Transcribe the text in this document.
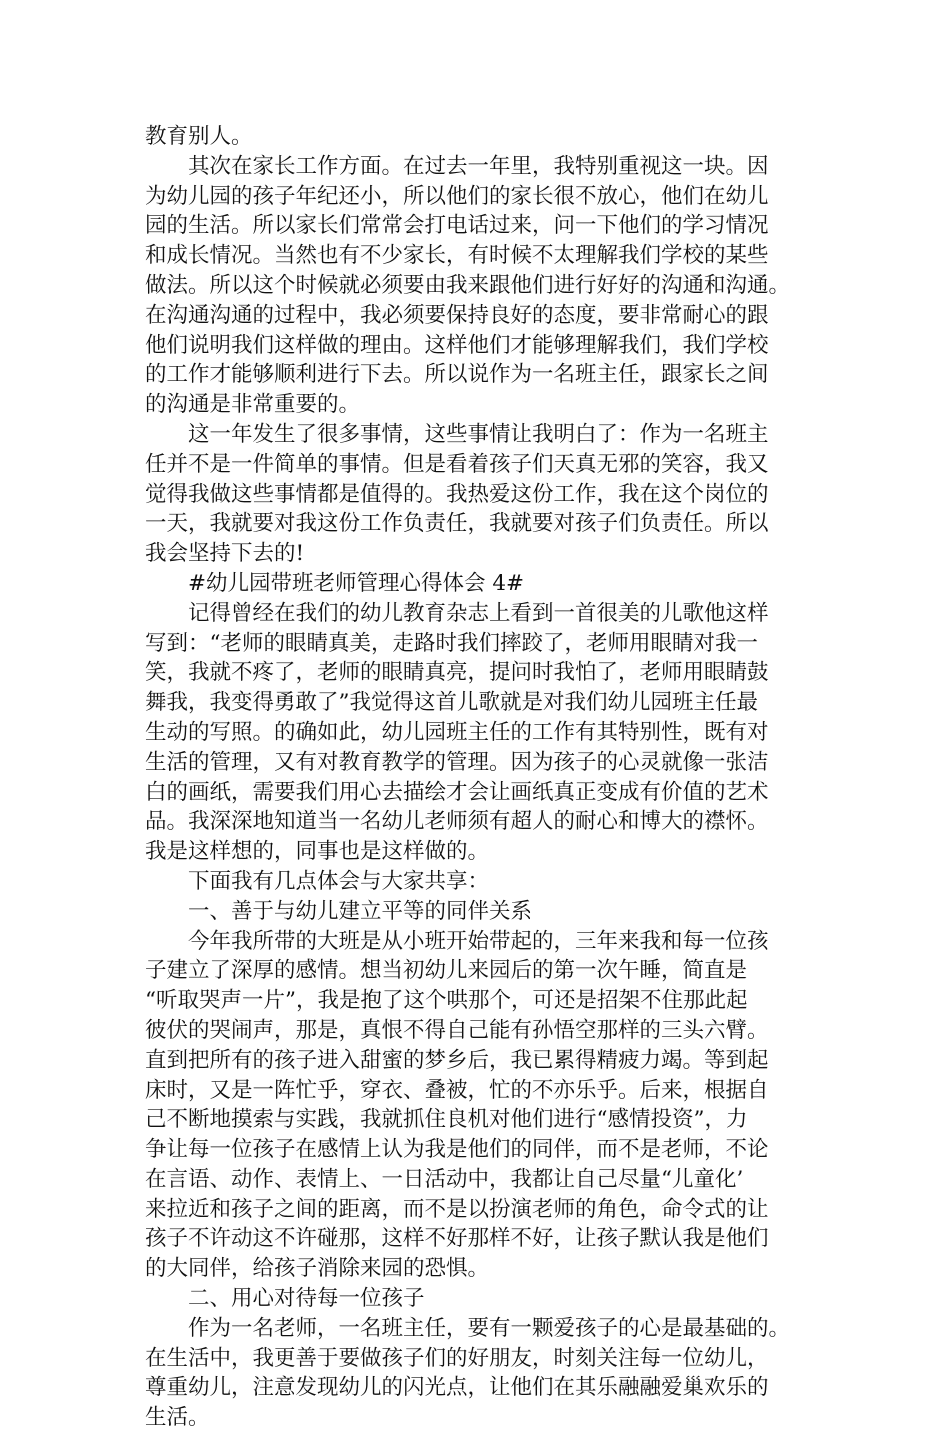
教育别人。
其次在家长工作方面。在过去一年里，我特别重视这一块。因
为幼儿园的孩子年纪还小，所以他们的家长很不放心，他们在幼儿
园的生活。所以家长们常常会打电话过来，问一下他们的学习情况
和成长情况。当然也有不少家长，有时候不太理解我们学校的某些
做法。所以这个时候就必须要由我来跟他们进行好好的沟通和沟通。
在沟通沟通的过程中，我必须要保持良好的态度，要非常耐心的跟
他们说明我们这样做的理由。这样他们才能够理解我们，我们学校
的工作才能够顺利进行下去。所以说作为一名班主任，跟家长之间
的沟通是非常重要的。
这一年发生了很多事情，这些事情让我明白了：作为一名班主
任并不是一件简单的事情。但是看着孩子们天真无邪的笑容，我又
觉得我做这些事情都是值得的。我热爱这份工作，我在这个岗位的
一天，我就要对我这份工作负责任，我就要对孩子们负责任。所以
我会坚持下去的!
#幼儿园带班老师管理心得体会 4#
记得曾经在我们的幼儿教育杂志上看到一首很美的儿歌他这样
写到：“老师的眼睛真美，走路时我们摔跤了，老师用眼睛对我一
笑，我就不疼了，老师的眼睛真亮，提问时我怕了，老师用眼睛鼓
舞我，我变得勇敢了”我觉得这首儿歌就是对我们幼儿园班主任最
生动的写照。的确如此，幼儿园班主任的工作有其特别性，既有对
生活的管理，又有对教育教学的管理。因为孩子的心灵就像一张洁
白的画纸，需要我们用心去描绘才会让画纸真正变成有价值的艺术
品。我深深地知道当一名幼儿老师须有超人的耐心和博大的襟怀。
我是这样想的，同事也是这样做的。
下面我有几点体会与大家共享：
一、善于与幼儿建立平等的同伴关系
今年我所带的大班是从小班开始带起的，三年来我和每一位孩
子建立了深厚的感情。想当初幼儿来园后的第一次午睡，简直是
“听取哭声一片”，我是抱了这个哄那个，可还是招架不住那此起
彼伏的哭闹声，那是，真恨不得自己能有孙悟空那样的三头六臂。
直到把所有的孩子进入甜蜜的梦乡后，我已累得精疲力竭。等到起
床时，又是一阵忙乎，穿衣、叠被，忙的不亦乐乎。后来，根据自
己不断地摸索与实践，我就抓住良机对他们进行“感情投资”，力
争让每一位孩子在感情上认为我是他们的同伴，而不是老师，不论
在言语、动作、表情上、一日活动中，我都让自己尽量“儿童化’
来拉近和孩子之间的距离，而不是以扮演老师的角色，命令式的让
孩子不许动这不许碰那，这样不好那样不好，让孩子默认我是他们
的大同伴，给孩子消除来园的恐惧。
二、用心对待每一位孩子
作为一名老师，一名班主任，要有一颗爱孩子的心是最基础的。
在生活中，我更善于要做孩子们的好朋友，时刻关注每一位幼儿，
尊重幼儿，注意发现幼儿的闪光点，让他们在其乐融融爱巢欢乐的
生活。
